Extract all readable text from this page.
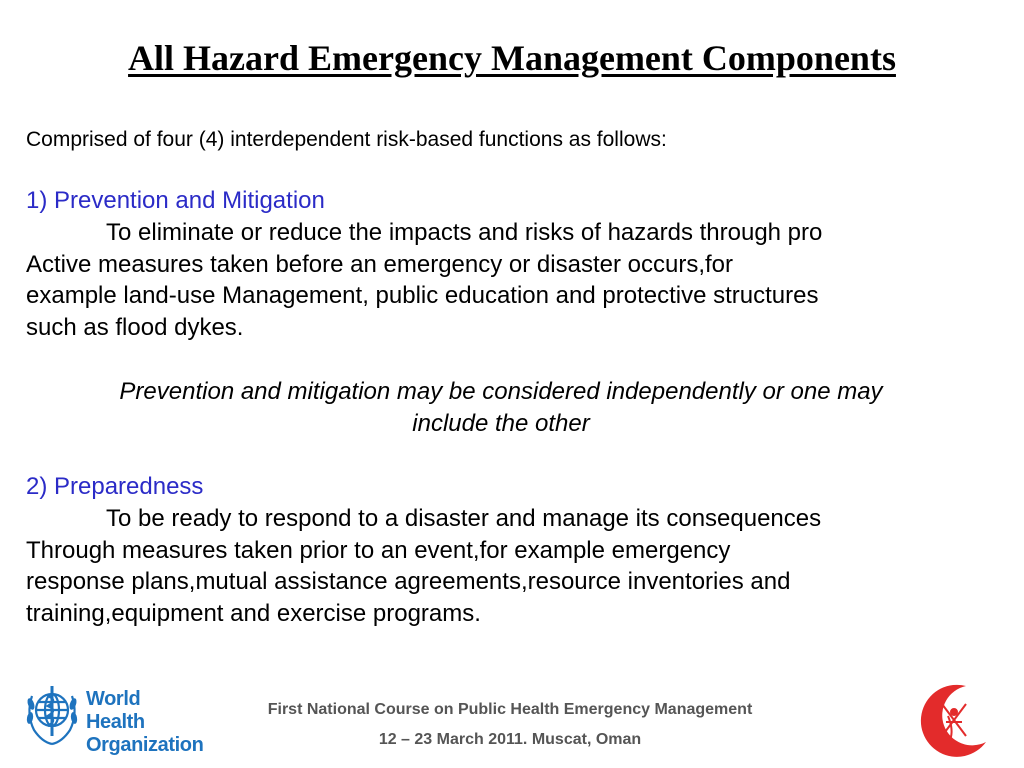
All Hazard Emergency Management Components
Comprised of four (4) interdependent risk-based functions as follows:
1) Prevention and Mitigation
To eliminate or reduce the impacts and risks of hazards through pro
Active measures taken before an emergency or disaster occurs,for
example land-use Management, public education and protective structures
such as flood dykes.
Prevention and mitigation may be considered independently or one may
include the other
2) Preparedness
To be ready to respond to a disaster and manage its consequences
Through measures taken prior to an event,for example emergency
response plans,mutual assistance agreements,resource inventories and
training,equipment and exercise programs.
World Health
Organization
First National Course on Public Health Emergency Management
12 – 23 March 2011. Muscat, Oman
